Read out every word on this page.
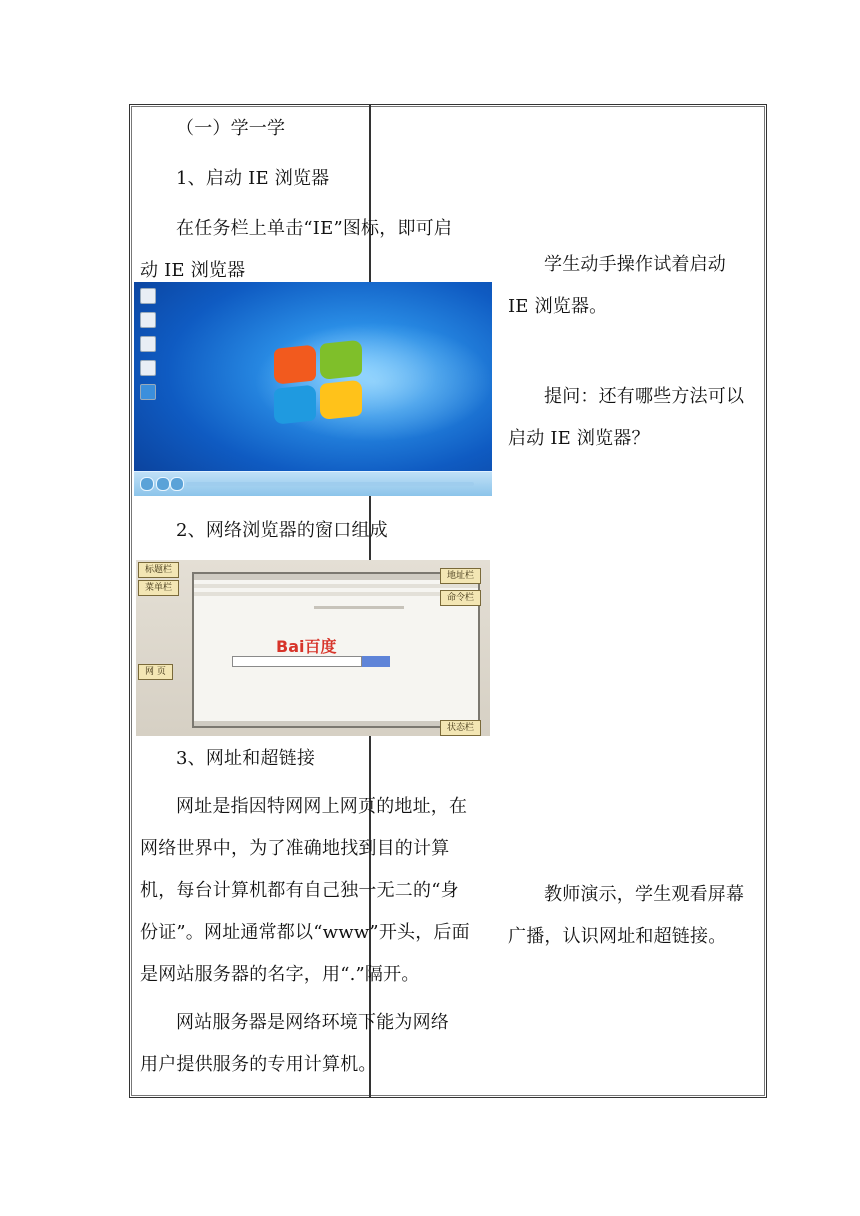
（一）学一学

1、启动 IE 浏览器

在任务栏上单击“IE”图标，即可启

动 IE 浏览器

2、网络浏览器的窗口组成

Bai百度
标题栏
菜单栏
地址栏
命令栏
网 页
状态栏

3、网址和超链接

网址是指因特网网上网页的地址，在

网络世界中，为了准确地找到目的计算

机，每台计算机都有自己独一无二的“身

份证”。网址通常都以“www”开头，后面

是网站服务器的名字，用“.”隔开。

网站服务器是网络环境下能为网络

用户提供服务的专用计算机。

学生动手操作试着启动

IE 浏览器。

提问：还有哪些方法可以

启动 IE 浏览器？

教师演示，学生观看屏幕

广播，认识网址和超链接。
